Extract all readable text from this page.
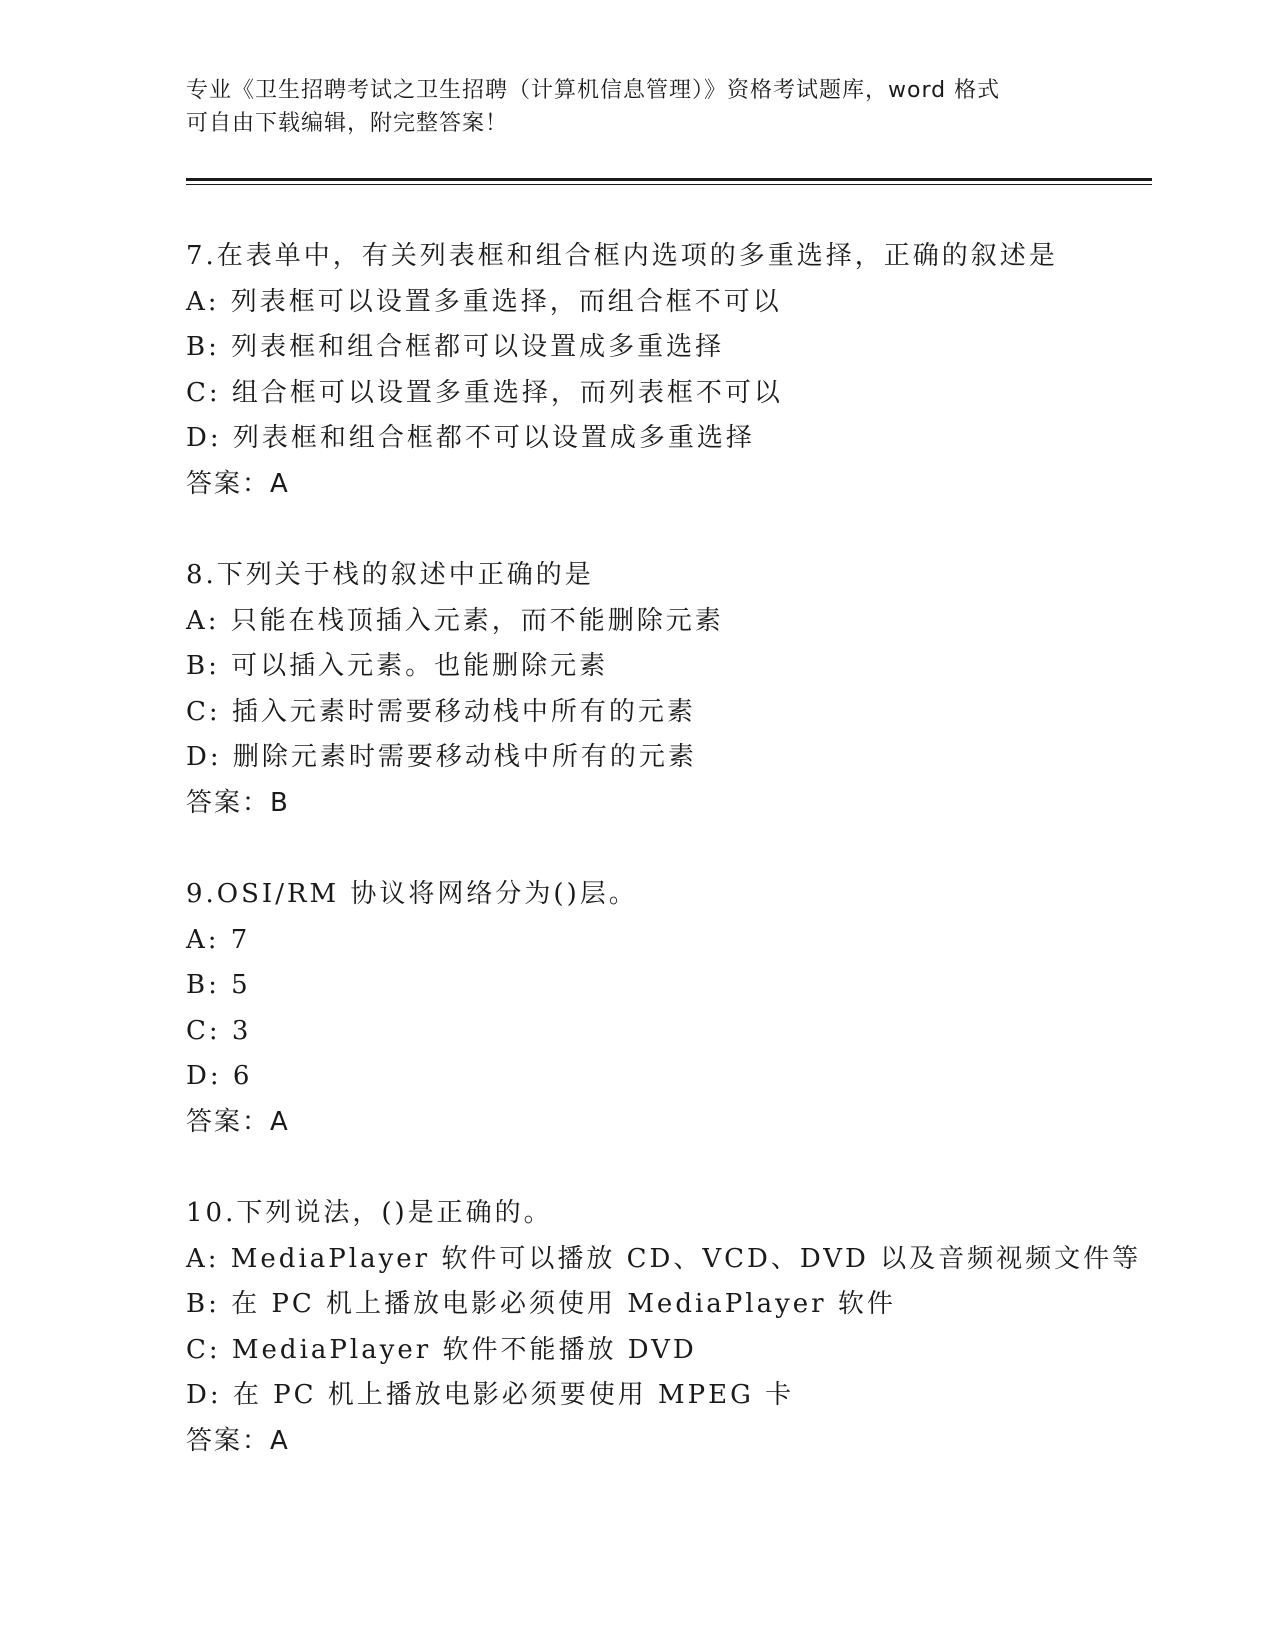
专业《卫生招聘考试之卫生招聘（计算机信息管理）》资格考试题库，word 格式
可自由下载编辑，附完整答案！
7.在表单中，有关列表框和组合框内选项的多重选择，正确的叙述是
A: 列表框可以设置多重选择，而组合框不可以
B: 列表框和组合框都可以设置成多重选择
C: 组合框可以设置多重选择，而列表框不可以
D: 列表框和组合框都不可以设置成多重选择
答案：A
8.下列关于栈的叙述中正确的是
A: 只能在栈顶插入元素，而不能删除元素
B: 可以插入元素。也能删除元素
C: 插入元素时需要移动栈中所有的元素
D: 删除元素时需要移动栈中所有的元素
答案：B
9.OSI/RM 协议将网络分为()层。
A: 7
B: 5
C: 3
D: 6
答案：A
10.下列说法，()是正确的。
A: MediaPlayer 软件可以播放 CD、VCD、DVD 以及音频视频文件等
B: 在 PC 机上播放电影必须使用 MediaPlayer 软件
C: MediaPlayer 软件不能播放 DVD
D: 在 PC 机上播放电影必须要使用 MPEG 卡
答案：A
